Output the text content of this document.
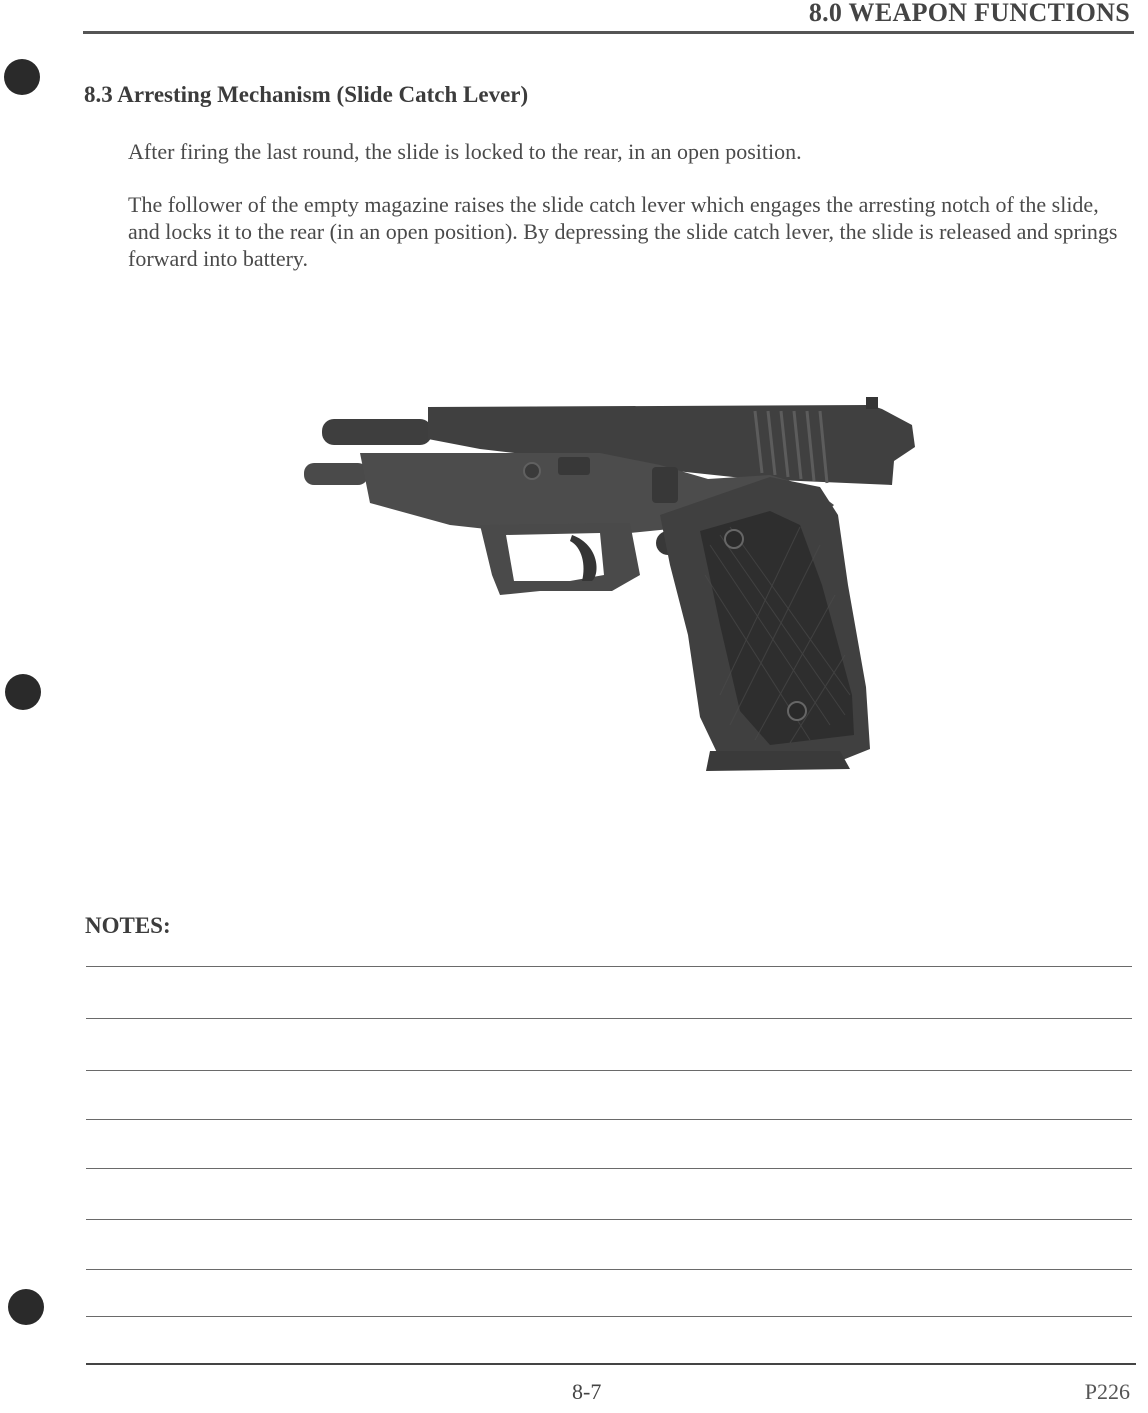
8.0 WEAPON FUNCTIONS
8.3 Arresting Mechanism (Slide Catch Lever)

After firing the last round, the slide is locked to the rear, in an open position.

The follower of the empty magazine raises the slide catch lever which engages the arresting notch of the slide, and locks it to the rear (in an open position). By depressing the slide catch lever, the slide is released and springs forward into battery.

NOTES:
8-7	P226
